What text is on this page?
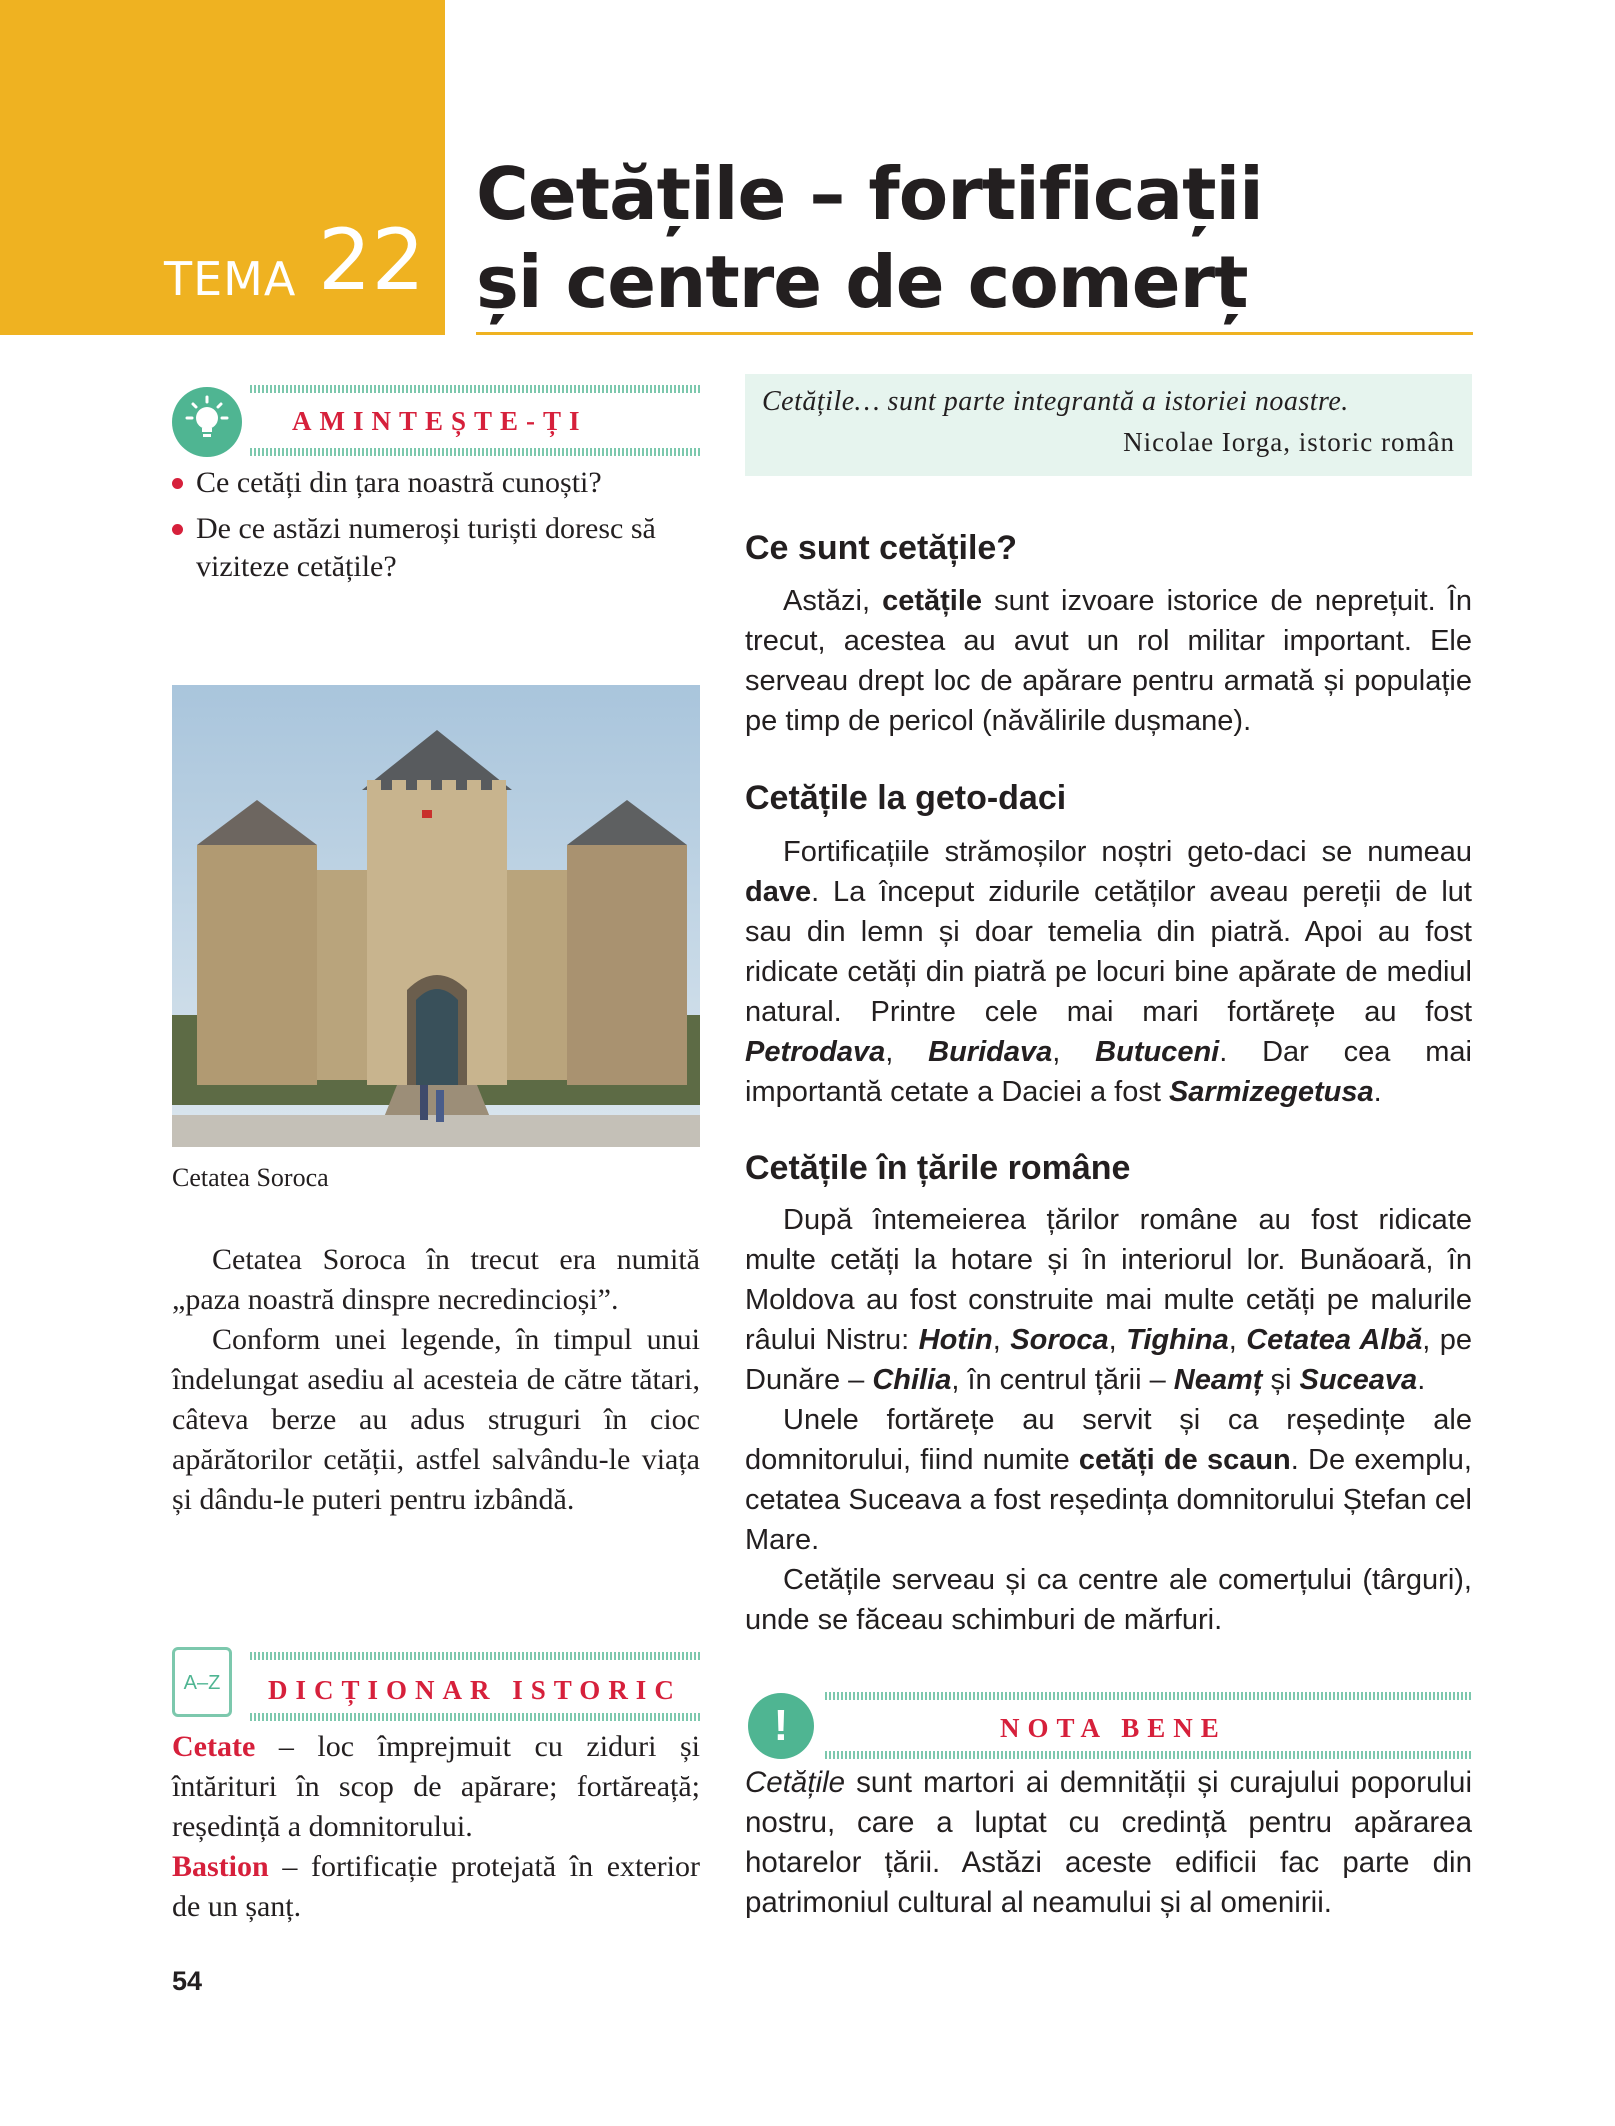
TEMA 22
Cetățile – fortificații
și centre de comerț
AMINTEȘTE-ȚI
Ce cetăți din țara noastră cunoști?
De ce astăzi numeroși turiști doresc să viziteze cetățile?
Cetatea Soroca

Cetatea Soroca în trecut era numită „paza noastră dinspre necredincioși”.

Conform unei legende, în timpul unui îndelungat asediu al acesteia de către tătari, câteva berze au adus struguri în cioc apărătorilor cetății, astfel salvându-le viața și dându-le puteri pentru izbândă.

A–Z	DICȚIONAR ISTORIC

Cetate – loc împrejmuit cu ziduri și întărituri în scop de apărare; fortăreață; reședință a domnitorului.

Bastion – fortificație protejată în exterior de un șanț.

Cetățile… sunt parte integrantă a istoriei noastre.
Nicolae Iorga, istoric român
Ce sunt cetățile?

Astăzi, cetățile sunt izvoare istorice de neprețuit. În trecut, acestea au avut un rol militar important. Ele serveau drept loc de apărare pentru armată și populație pe timp de pericol (năvălirile dușmane).

Cetățile la geto-daci

Fortificațiile strămoșilor noștri geto-daci se numeau dave. La început zidurile cetăților aveau pereții de lut sau din lemn și doar temelia din piatră. Apoi au fost ridicate cetăți din piatră pe locuri bine apărate de mediul natural. Printre cele mai mari fortărețe au fost Petrodava, Buridava, Butuceni. Dar cea mai importantă cetate a Daciei a fost Sarmizegetusa.

Cetățile în țările române

După întemeierea țărilor române au fost ridicate multe cetăți la hotare și în interiorul lor. Bunăoară, în Moldova au fost construite mai multe cetăți pe malurile râului Nistru: Hotin, Soroca, Tighina, Cetatea Albă, pe Dunăre – Chilia, în centrul țării – Neamț și Suceava.

Unele fortărețe au servit și ca reședințe ale domnitorului, fiind numite cetăți de scaun. De exemplu, cetatea Suceava a fost reședința domnitorului Ștefan cel Mare.

Cetățile serveau și ca centre ale comerțului (târguri), unde se făceau schimburi de mărfuri.

!	NOTA BENE

Cetățile sunt martori ai demnității și curajului poporului nostru, care a luptat cu credință pentru apărarea hotarelor țării. Astăzi aceste edificii fac parte din patrimoniul cultural al neamului și al omenirii.

54
